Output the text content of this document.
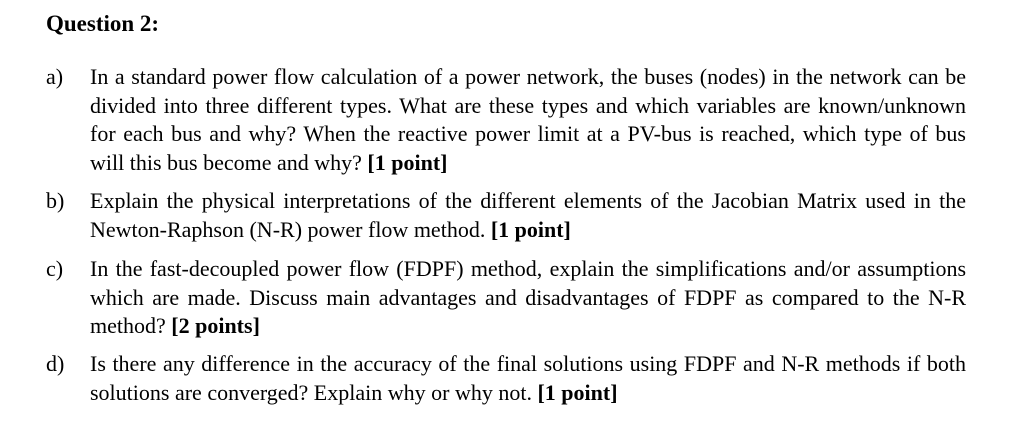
Question 2:
a) In a standard power flow calculation of a power network, the buses (nodes) in the network can be divided into three different types. What are these types and which variables are known/unknown for each bus and why? When the reactive power limit at a PV-bus is reached, which type of bus will this bus become and why? [1 point]
b) Explain the physical interpretations of the different elements of the Jacobian Matrix used in the Newton-Raphson (N-R) power flow method. [1 point]
c) In the fast-decoupled power flow (FDPF) method, explain the simplifications and/or assumptions which are made. Discuss main advantages and disadvantages of FDPF as compared to the N-R method? [2 points]
d) Is there any difference in the accuracy of the final solutions using FDPF and N-R methods if both solutions are converged? Explain why or why not. [1 point]
